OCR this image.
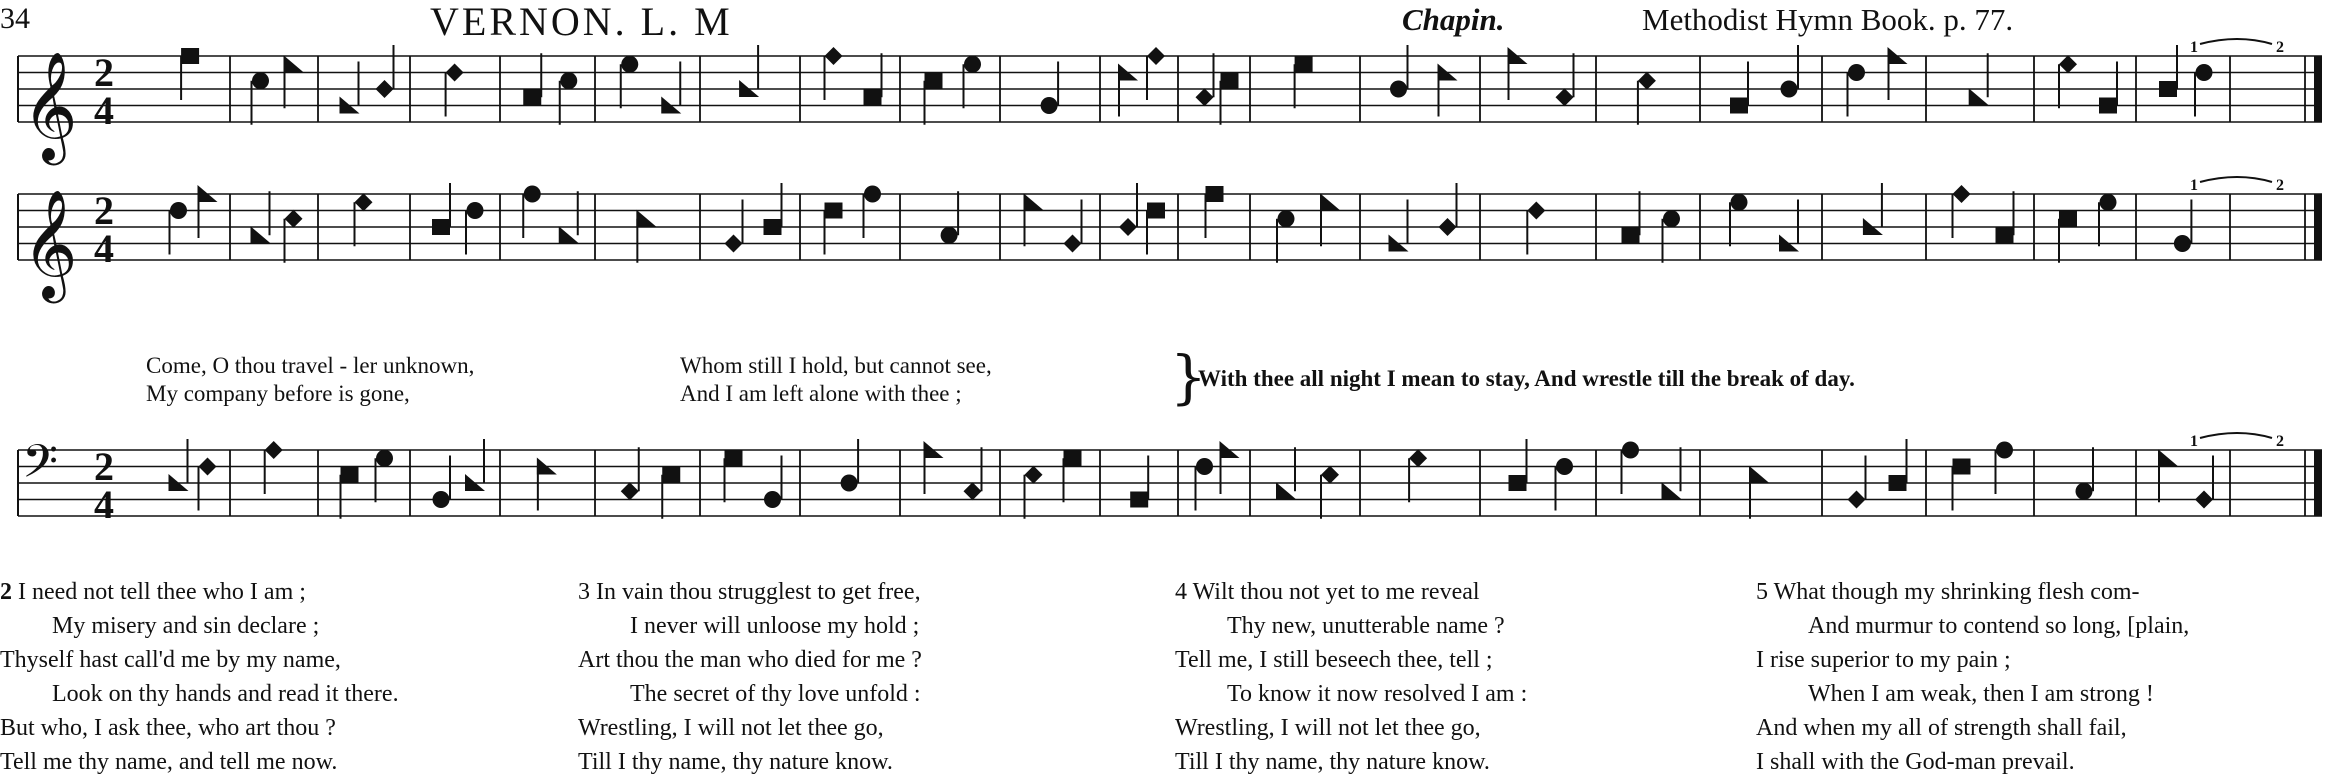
34	VERNON. L. M	Chapin.	Methodist Hymn Book. p. 77.
𝄞 2
4
1	2
𝄞 2
4
1	2
𝄢 2
4
1	2
Come, O thou travel - ler unknown,	Whom still I hold, but cannot see,
My company before is gone,	And I am left alone with thee ;	}
With thee all night I mean to stay, And wrestle till the break of day.
2 I need not tell thee who I am ;
My misery and sin declare ;
Thyself hast call'd me by my name,
Look on thy hands and read it there.
But who, I ask thee, who art thou ?
Tell me thy name, and tell me now.
3 In vain thou strugglest to get free,
I never will unloose my hold ;
Art thou the man who died for me ?
The secret of thy love unfold :
Wrestling, I will not let thee go,
Till I thy name, thy nature know.
4 Wilt thou not yet to me reveal
Thy new, unutterable name ?
Tell me, I still beseech thee, tell ;
To know it now resolved I am :
Wrestling, I will not let thee go,
Till I thy name, thy nature know.
5 What though my shrinking flesh com-
And murmur to contend so long, [plain,
I rise superior to my pain ;
When I am weak, then I am strong !
And when my all of strength shall fail,
I shall with the God-man prevail.
